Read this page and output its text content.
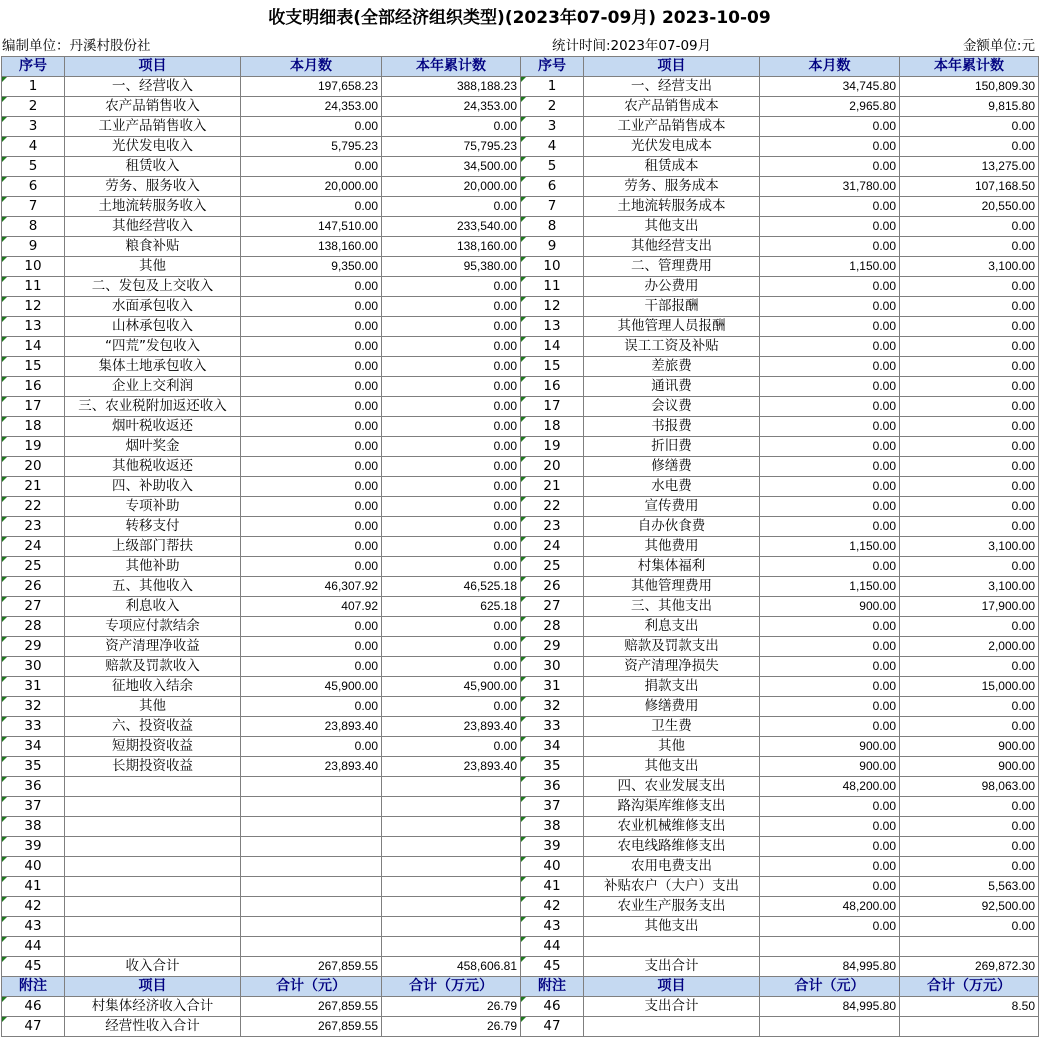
收支明细表(全部经济组织类型)(2023年07-09月) 2023-10-09
编制单位：丹溪村股份社	统计时间:2023年07-09月	金额单位:元
序号	项目	本月数	本年累计数	序号	项目	本月数	本年累计数
1	一、经营收入	197,658.23	388,188.23	1	一、经营支出	34,745.80	150,809.30
2	农产品销售收入	24,353.00	24,353.00	2	农产品销售成本	2,965.80	9,815.80
3	工业产品销售收入	0.00	0.00	3	工业产品销售成本	0.00	0.00
4	光伏发电收入	5,795.23	75,795.23	4	光伏发电成本	0.00	0.00
5	租赁收入	0.00	34,500.00	5	租赁成本	0.00	13,275.00
6	劳务、服务收入	20,000.00	20,000.00	6	劳务、服务成本	31,780.00	107,168.50
7	土地流转服务收入	0.00	0.00	7	土地流转服务成本	0.00	20,550.00
8	其他经营收入	147,510.00	233,540.00	8	其他支出	0.00	0.00
9	粮食补贴	138,160.00	138,160.00	9	其他经营支出	0.00	0.00
10	其他	9,350.00	95,380.00	10	二、管理费用	1,150.00	3,100.00
11	二、发包及上交收入	0.00	0.00	11	办公费用	0.00	0.00
12	水面承包收入	0.00	0.00	12	干部报酬	0.00	0.00
13	山林承包收入	0.00	0.00	13	其他管理人员报酬	0.00	0.00
14	“四荒”发包收入	0.00	0.00	14	误工工资及补贴	0.00	0.00
15	集体土地承包收入	0.00	0.00	15	差旅费	0.00	0.00
16	企业上交利润	0.00	0.00	16	通讯费	0.00	0.00
17	三、农业税附加返还收入	0.00	0.00	17	会议费	0.00	0.00
18	烟叶税收返还	0.00	0.00	18	书报费	0.00	0.00
19	烟叶奖金	0.00	0.00	19	折旧费	0.00	0.00
20	其他税收返还	0.00	0.00	20	修缮费	0.00	0.00
21	四、补助收入	0.00	0.00	21	水电费	0.00	0.00
22	专项补助	0.00	0.00	22	宣传费用	0.00	0.00
23	转移支付	0.00	0.00	23	自办伙食费	0.00	0.00
24	上级部门帮扶	0.00	0.00	24	其他费用	1,150.00	3,100.00
25	其他补助	0.00	0.00	25	村集体福利	0.00	0.00
26	五、其他收入	46,307.92	46,525.18	26	其他管理费用	1,150.00	3,100.00
27	利息收入	407.92	625.18	27	三、其他支出	900.00	17,900.00
28	专项应付款结余	0.00	0.00	28	利息支出	0.00	0.00
29	资产清理净收益	0.00	0.00	29	赔款及罚款支出	0.00	2,000.00
30	赔款及罚款收入	0.00	0.00	30	资产清理净损失	0.00	0.00
31	征地收入结余	45,900.00	45,900.00	31	捐款支出	0.00	15,000.00
32	其他	0.00	0.00	32	修缮费用	0.00	0.00
33	六、投资收益	23,893.40	23,893.40	33	卫生费	0.00	0.00
34	短期投资收益	0.00	0.00	34	其他	900.00	900.00
35	长期投资收益	23,893.40	23,893.40	35	其他支出	900.00	900.00
36				36	四、农业发展支出	48,200.00	98,063.00
37				37	路沟渠库维修支出	0.00	0.00
38				38	农业机械维修支出	0.00	0.00
39				39	农电线路维修支出	0.00	0.00
40				40	农用电费支出	0.00	0.00
41				41	补贴农户（大户）支出	0.00	5,563.00
42				42	农业生产服务支出	48,200.00	92,500.00
43				43	其他支出	0.00	0.00
44				44			
45	收入合计	267,859.55	458,606.81	45	支出合计	84,995.80	269,872.30
附注	项目	合计（元）	合计（万元）	附注	项目	合计（元）	合计（万元）
46	村集体经济收入合计	267,859.55	26.79	46	支出合计	84,995.80	8.50
47	经营性收入合计	267,859.55	26.79	47			
